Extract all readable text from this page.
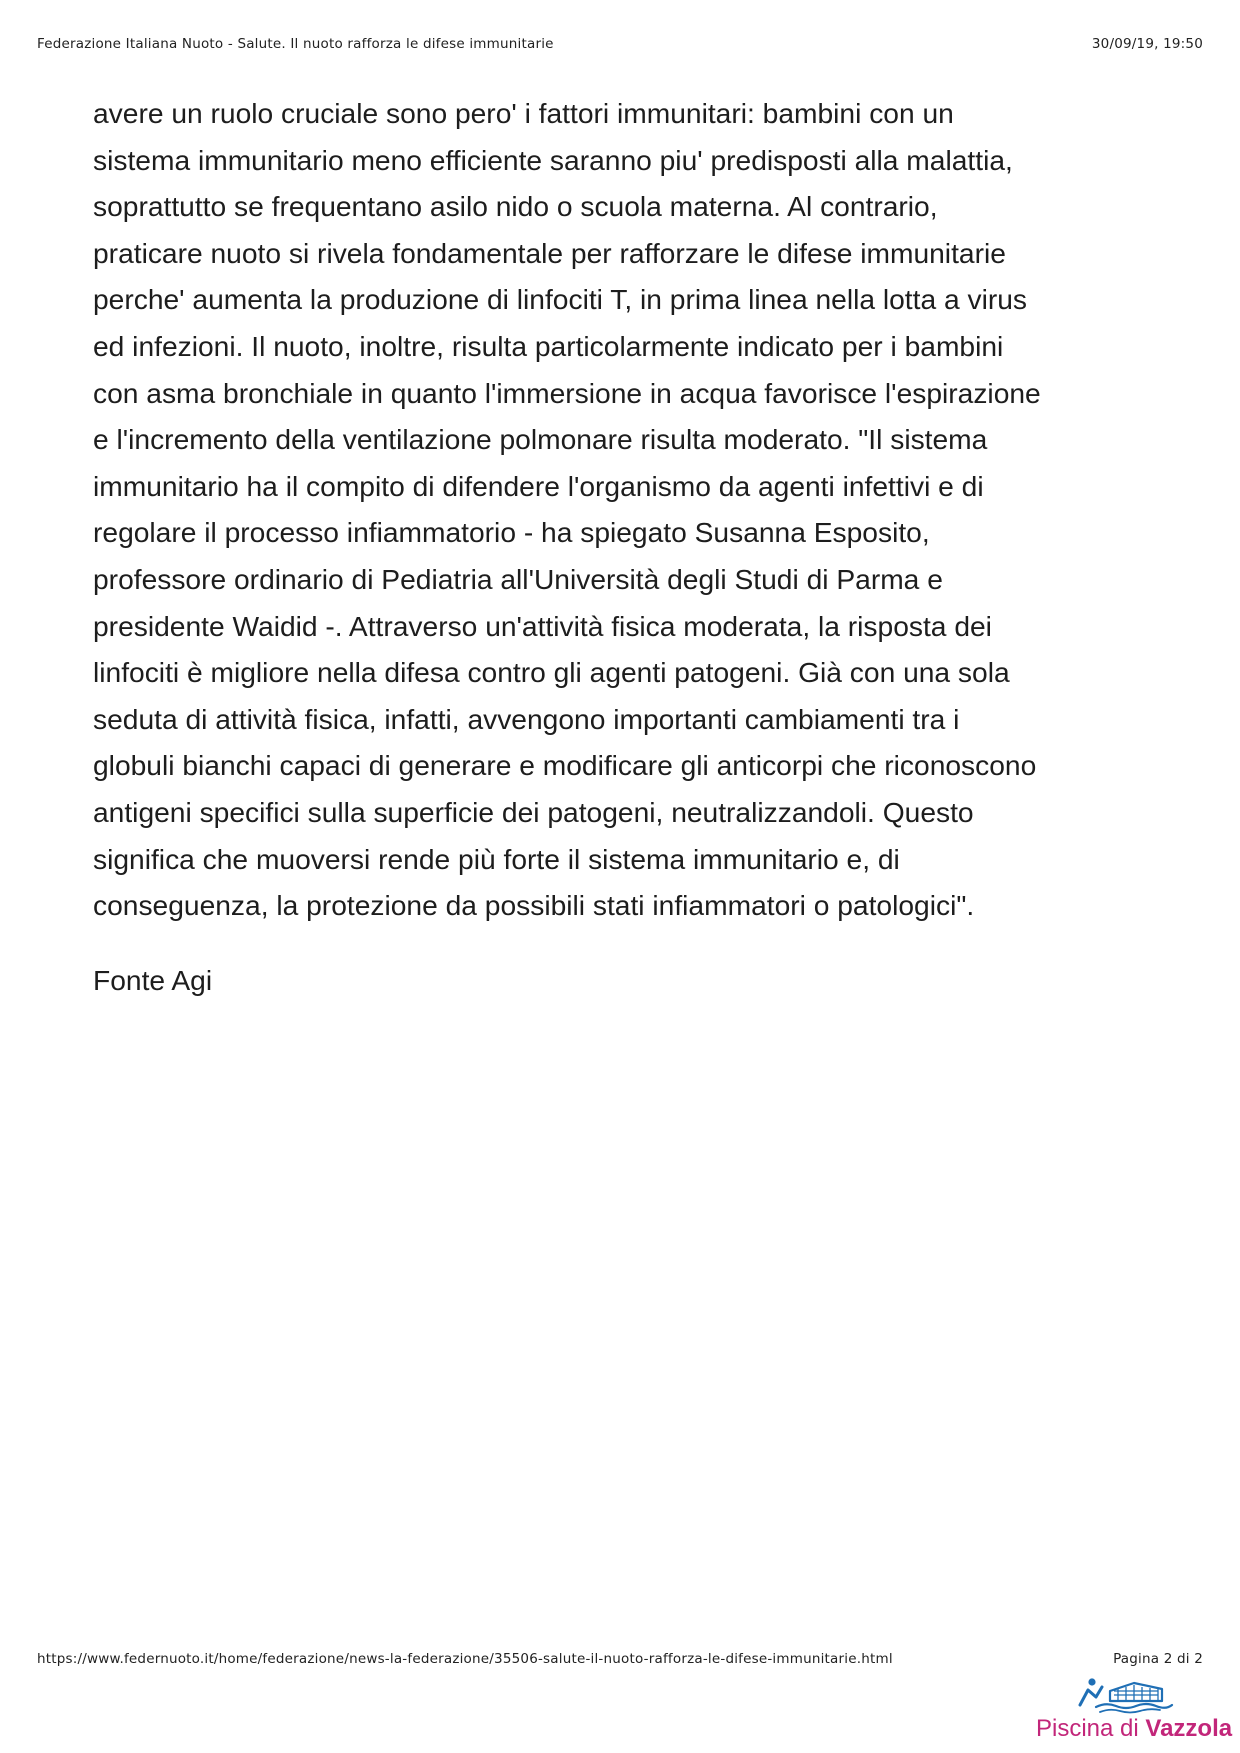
Federazione Italiana Nuoto - Salute. Il nuoto rafforza le difese immunitarie	30/09/19, 19:50

avere un ruolo cruciale sono pero' i fattori immunitari: bambini con un
sistema immunitario meno efficiente saranno piu' predisposti alla malattia,
soprattutto se frequentano asilo nido o scuola materna. Al contrario,
praticare nuoto si rivela fondamentale per rafforzare le difese immunitarie
perche' aumenta la produzione di linfociti T, in prima linea nella lotta a virus
ed infezioni. Il nuoto, inoltre, risulta particolarmente indicato per i bambini
con asma bronchiale in quanto l'immersione in acqua favorisce l'espirazione
e l'incremento della ventilazione polmonare risulta moderato. "Il sistema
immunitario ha il compito di difendere l'organismo da agenti infettivi e di
regolare il processo infiammatorio - ha spiegato Susanna Esposito,
professore ordinario di Pediatria all'Università degli Studi di Parma e
presidente Waidid -. Attraverso un'attività fisica moderata, la risposta dei
linfociti è migliore nella difesa contro gli agenti patogeni. Già con una sola
seduta di attività fisica, infatti, avvengono importanti cambiamenti tra i
globuli bianchi capaci di generare e modificare gli anticorpi che riconoscono
antigeni specifici sulla superficie dei patogeni, neutralizzandoli. Questo
significa che muoversi rende più forte il sistema immunitario e, di
conseguenza, la protezione da possibili stati infiammatori o patologici".

Fonte Agi

https://www.federnuoto.it/home/federazione/news-la-federazione/35506-salute-il-nuoto-rafforza-le-difese-immunitarie.html	Pagina 2 di 2
Piscina di Vazzola
